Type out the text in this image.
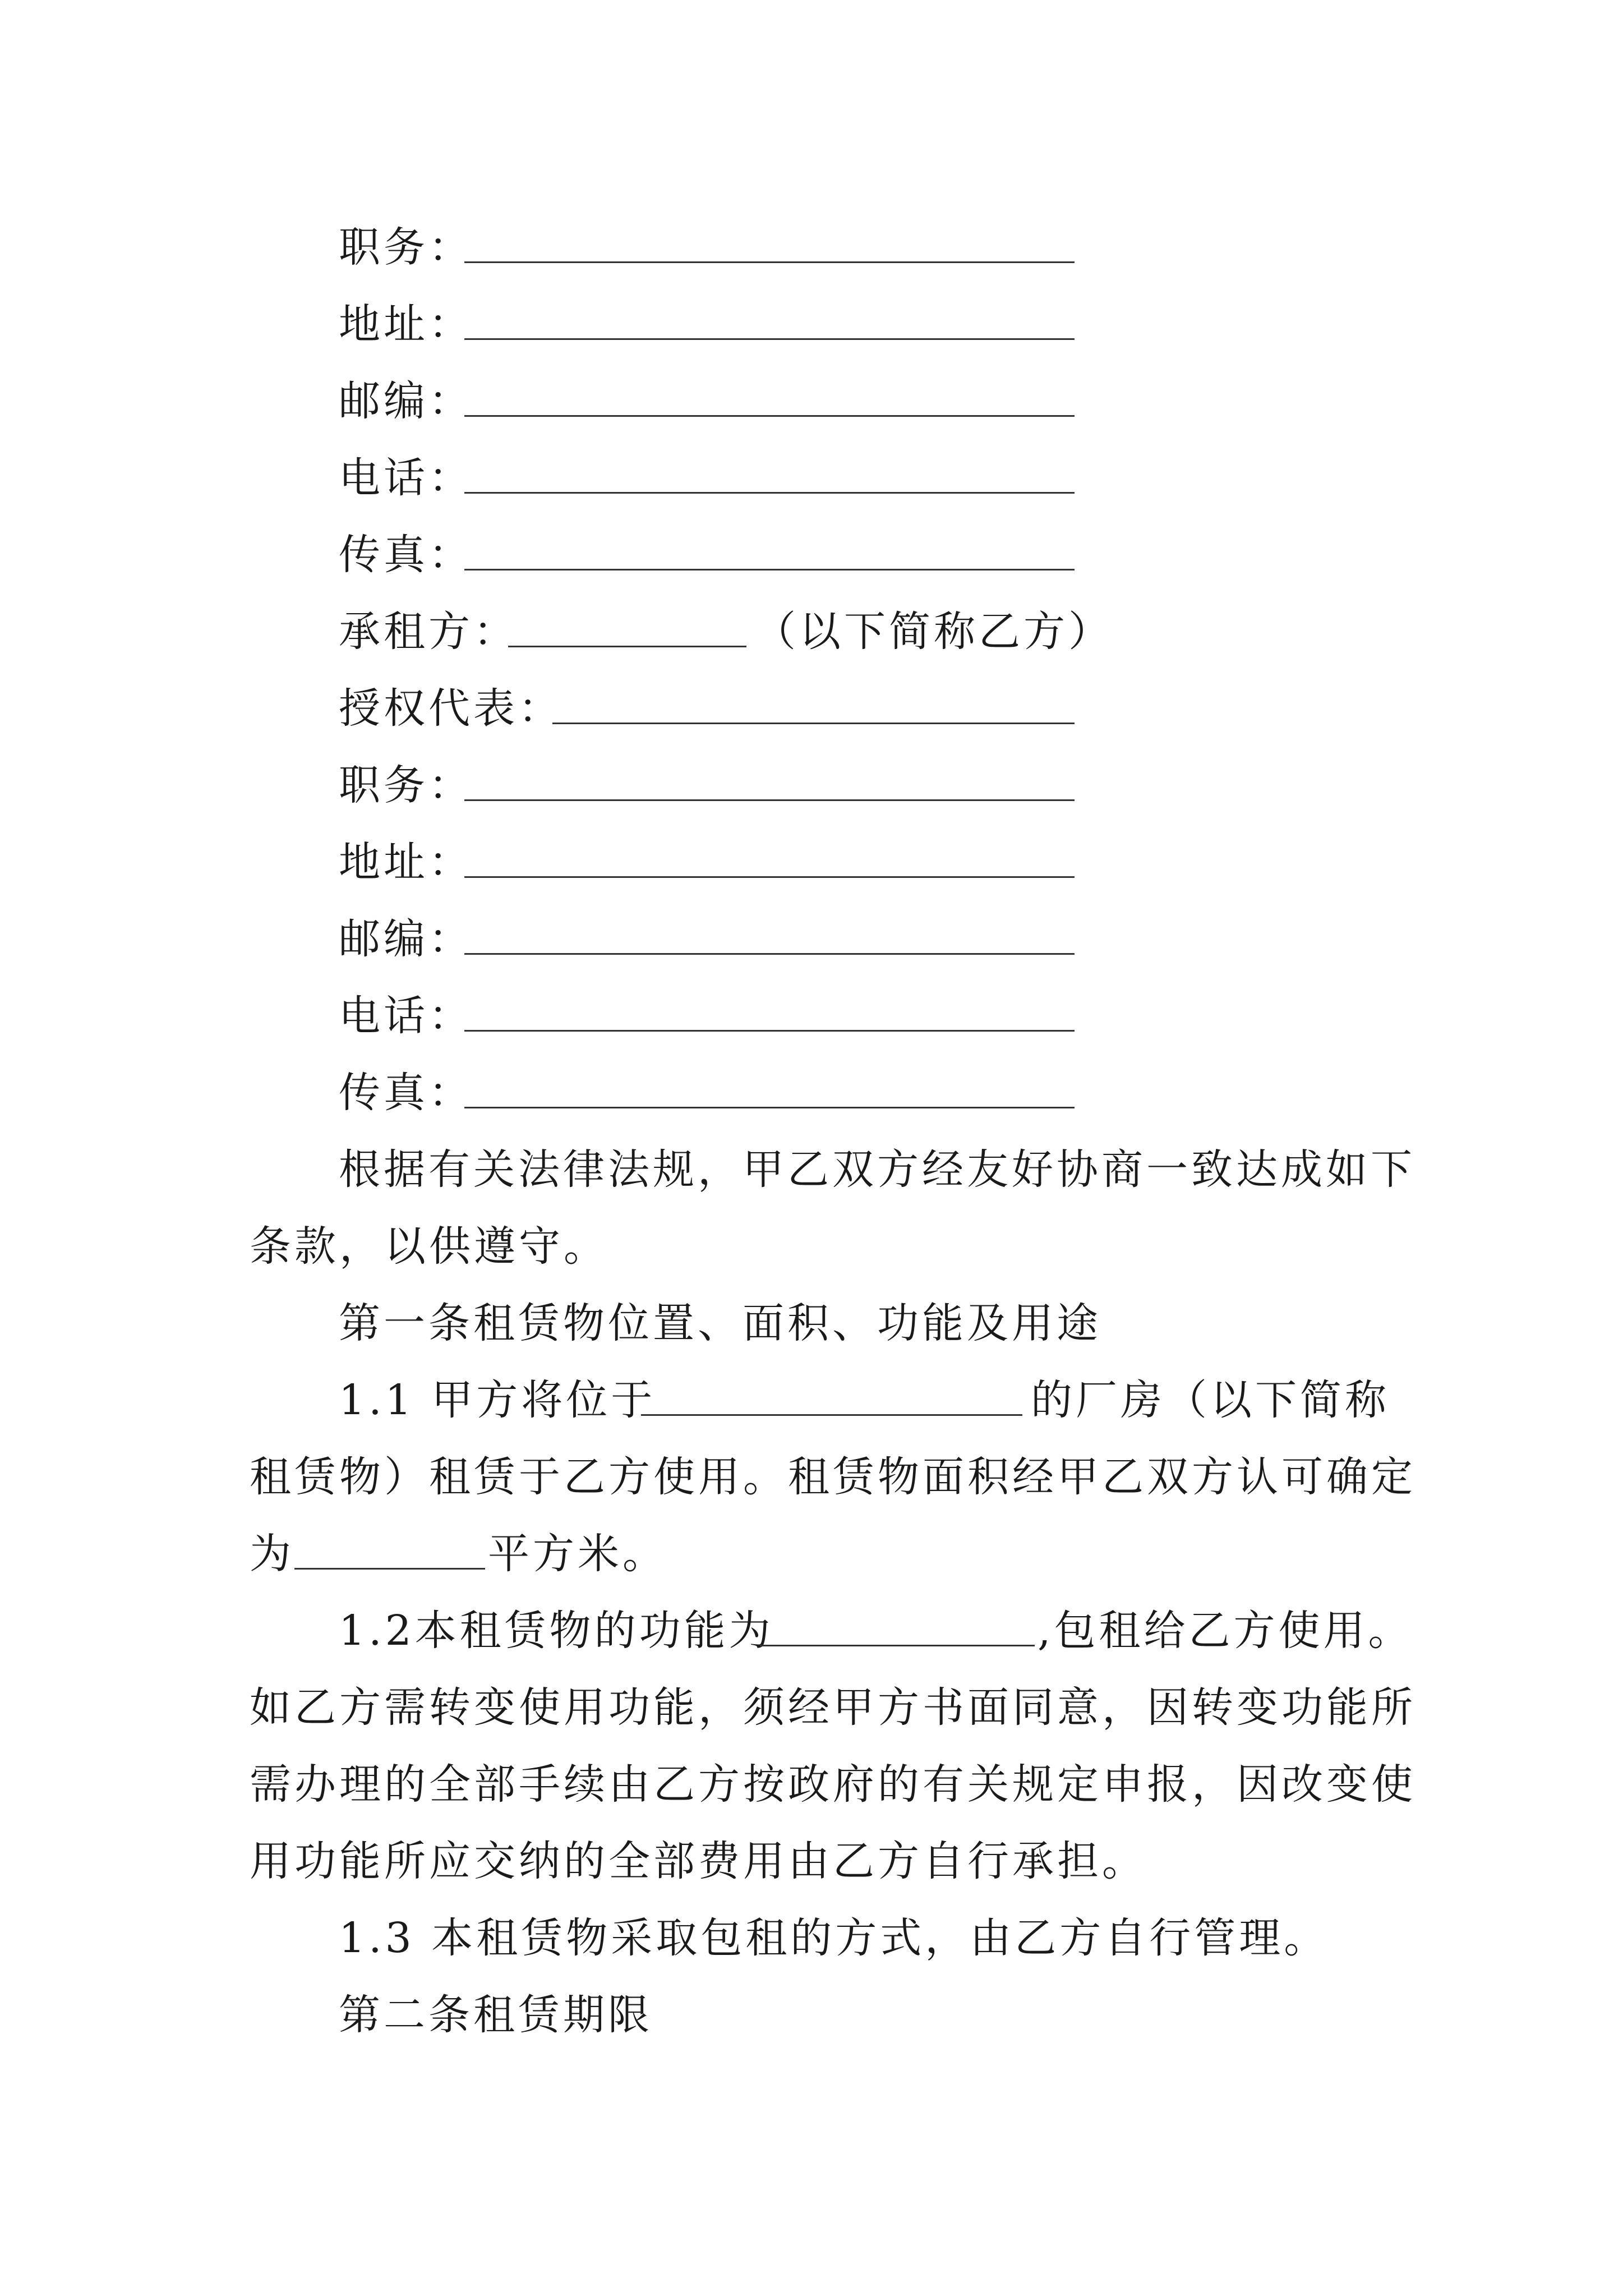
职务：
地址：
邮编：
电话：
传真：
承租方：	（以下简称乙方）
授权代表：
职务：
地址：
邮编：
电话：
传真：
根据有关法律法规，甲乙双方经友好协商一致达成如下
条款，以供遵守。
第一条租赁物位置、面积、功能及用途
1.1 甲方将位于	的厂房（以下简称
租赁物）租赁于乙方使用。租赁物面积经甲乙双方认可确定
为	平方米。
1.2本租赁物的功能为	,包租给乙方使用。
如乙方需转变使用功能，须经甲方书面同意，因转变功能所
需办理的全部手续由乙方按政府的有关规定申报，因改变使
用功能所应交纳的全部费用由乙方自行承担。
1.3 本租赁物采取包租的方式，由乙方自行管理。
第二条租赁期限
